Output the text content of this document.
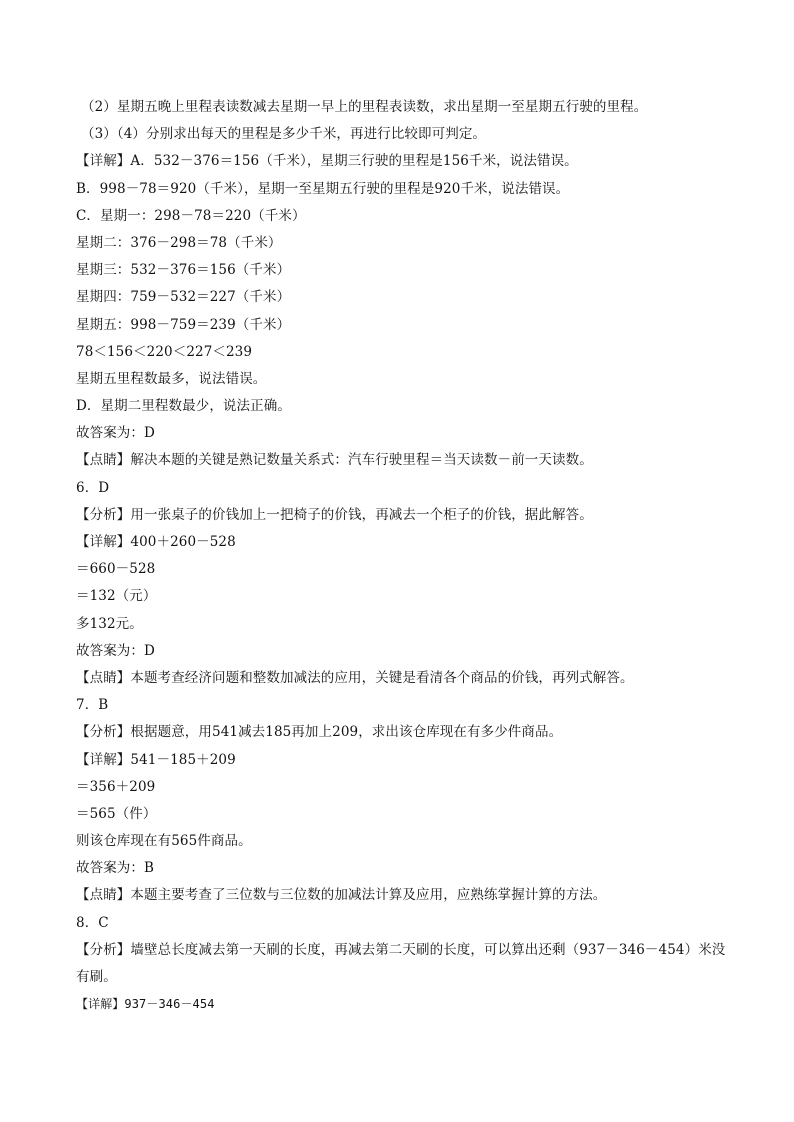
（2）星期五晚上里程表读数减去星期一早上的里程表读数，求出星期一至星期五行驶的里程。
（3）（4）分别求出每天的里程是多少千米，再进行比较即可判定。
【详解】A．532－376＝156（千米），星期三行驶的里程是156千米，说法错误。
B．998－78＝920（千米），星期一至星期五行驶的里程是920千米，说法错误。
C．星期一：298－78＝220（千米）
星期二：376－298＝78（千米）
星期三：532－376＝156（千米）
星期四：759－532＝227（千米）
星期五：998－759＝239（千米）
78＜156＜220＜227＜239
星期五里程数最多，说法错误。
D．星期二里程数最少，说法正确。
故答案为：D
【点睛】解决本题的关键是熟记数量关系式：汽车行驶里程＝当天读数－前一天读数。
6．D
【分析】用一张桌子的价钱加上一把椅子的价钱，再减去一个柜子的价钱，据此解答。
【详解】400＋260－528
＝660－528
＝132（元）
多132元。
故答案为：D
【点睛】本题考查经济问题和整数加减法的应用，关键是看清各个商品的价钱，再列式解答。
7．B
【分析】根据题意，用541减去185再加上209，求出该仓库现在有多少件商品。
【详解】541－185＋209
＝356＋209
＝565（件）
则该仓库现在有565件商品。
故答案为：B
【点睛】本题主要考查了三位数与三位数的加减法计算及应用，应熟练掌握计算的方法。
8．C
【分析】墙壁总长度减去第一天刷的长度，再减去第二天刷的长度，可以算出还剩（937－346－454）米没
有刷。
【详解】937－346－454
